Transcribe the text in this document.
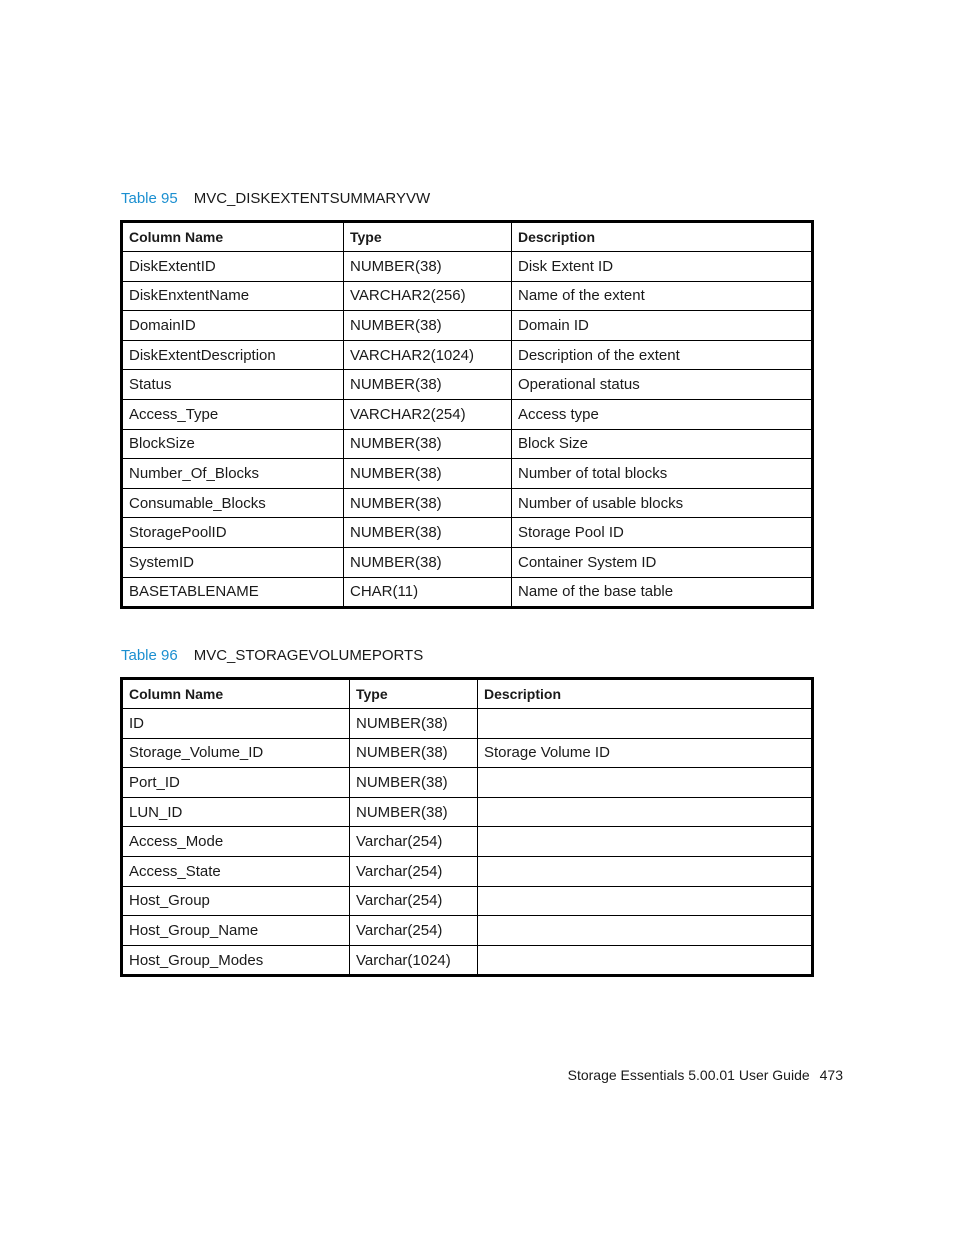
Table 95 MVC_DISKEXTENTSUMMARYVW
Column Name	Type	Description
DiskExtentID	NUMBER(38)	Disk Extent ID
DiskEnxtentName	VARCHAR2(256)	Name of the extent
DomainID	NUMBER(38)	Domain ID
DiskExtentDescription	VARCHAR2(1024)	Description of the extent
Status	NUMBER(38)	Operational status
Access_Type	VARCHAR2(254)	Access type
BlockSize	NUMBER(38)	Block Size
Number_Of_Blocks	NUMBER(38)	Number of total blocks
Consumable_Blocks	NUMBER(38)	Number of usable blocks
StoragePoolID	NUMBER(38)	Storage Pool ID
SystemID	NUMBER(38)	Container System ID
BASETABLENAME	CHAR(11)	Name of the base table
Table 96 MVC_STORAGEVOLUMEPORTS
Column Name	Type	Description
ID	NUMBER(38)	
Storage_Volume_ID	NUMBER(38)	Storage Volume ID
Port_ID	NUMBER(38)	
LUN_ID	NUMBER(38)	
Access_Mode	Varchar(254)	
Access_State	Varchar(254)	
Host_Group	Varchar(254)	
Host_Group_Name	Varchar(254)	
Host_Group_Modes	Varchar(1024)	
Storage Essentials 5.00.01 User Guide 473
